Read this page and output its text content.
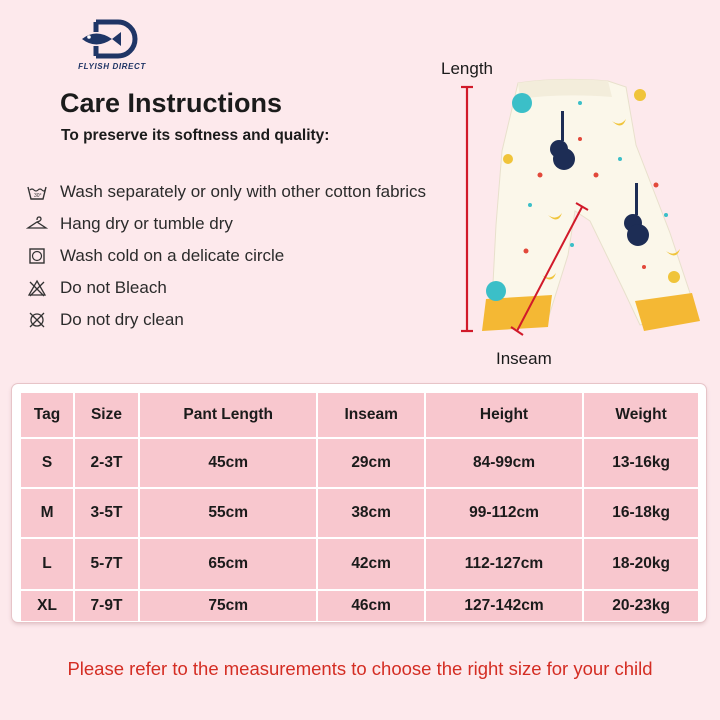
FLYISH DIRECT
Care Instructions
To preserve its softness and quality:
30° Wash separately or only with other cotton fabrics
Hang dry or tumble dry
Wash cold on a delicate circle
Do not Bleach
Do not dry clean
Length
Inseam
Tag	Size	Pant Length	Inseam	Height	Weight
S	2-3T	45cm	29cm	84-99cm	13-16kg
M	3-5T	55cm	38cm	99-112cm	16-18kg
L	5-7T	65cm	42cm	112-127cm	18-20kg
XL	7-9T	75cm	46cm	127-142cm	20-23kg
Please refer to the measurements to choose the right size for your child
